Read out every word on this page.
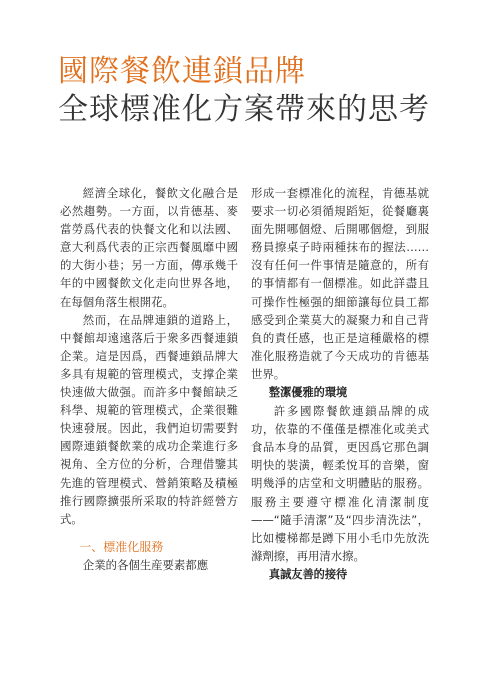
國際餐飲連鎖品牌
全球標准化方案帶來的思考

經濟全球化，餐飲文化融合是必然趨勢。一方面，以肯德基、麥當勞爲代表的快餐文化和以法國、意大利爲代表的正宗西餐風靡中國的大街小巷；另一方面，傳承幾千年的中國餐飲文化走向世界各地，在每個角落生根開花。

然而，在品牌連鎖的道路上，中餐館却遠遠落后于衆多西餐連鎖企業。這是因爲，西餐連鎖品牌大多具有規範的管理模式，支撑企業快速做大做强。而許多中餐館缺乏科學、規範的管理模式，企業很難快速發展。因此，我們迫切需要對國際連鎖餐飲業的成功企業進行多視角、全方位的分析，合理借鑒其先進的管理模式、營銷策略及積極推行國際擴張所采取的特許經營方式。

一、標准化服務

企業的各個生産要素都應

形成一套標准化的流程，肯德基就要求一切必須循規蹈矩，從餐廳裏面先開哪個燈、后開哪個燈，到服務員擦桌子時兩種抹布的握法……沒有任何一件事情是隨意的，所有的事情都有一個標准。如此詳盡且可操作性極强的細節讓每位員工都感受到企業莫大的凝聚力和自己背負的責任感，也正是這種嚴格的標准化服務造就了今天成功的肯德基世界。

整潔優雅的環境

許多國際餐飲連鎖品牌的成功，依靠的不僅僅是標准化或美式食品本身的品質，更因爲它那色調明快的裝潢，輕柔悅耳的音樂，窗明幾淨的店堂和文明體貼的服務。服務主要遵守標准化清潔制度——“隨手清潔”及“四步清洗法”，比如樓梯都是蹲下用小毛巾先放洗滌劑擦，再用清水擦。

真誠友善的接待
